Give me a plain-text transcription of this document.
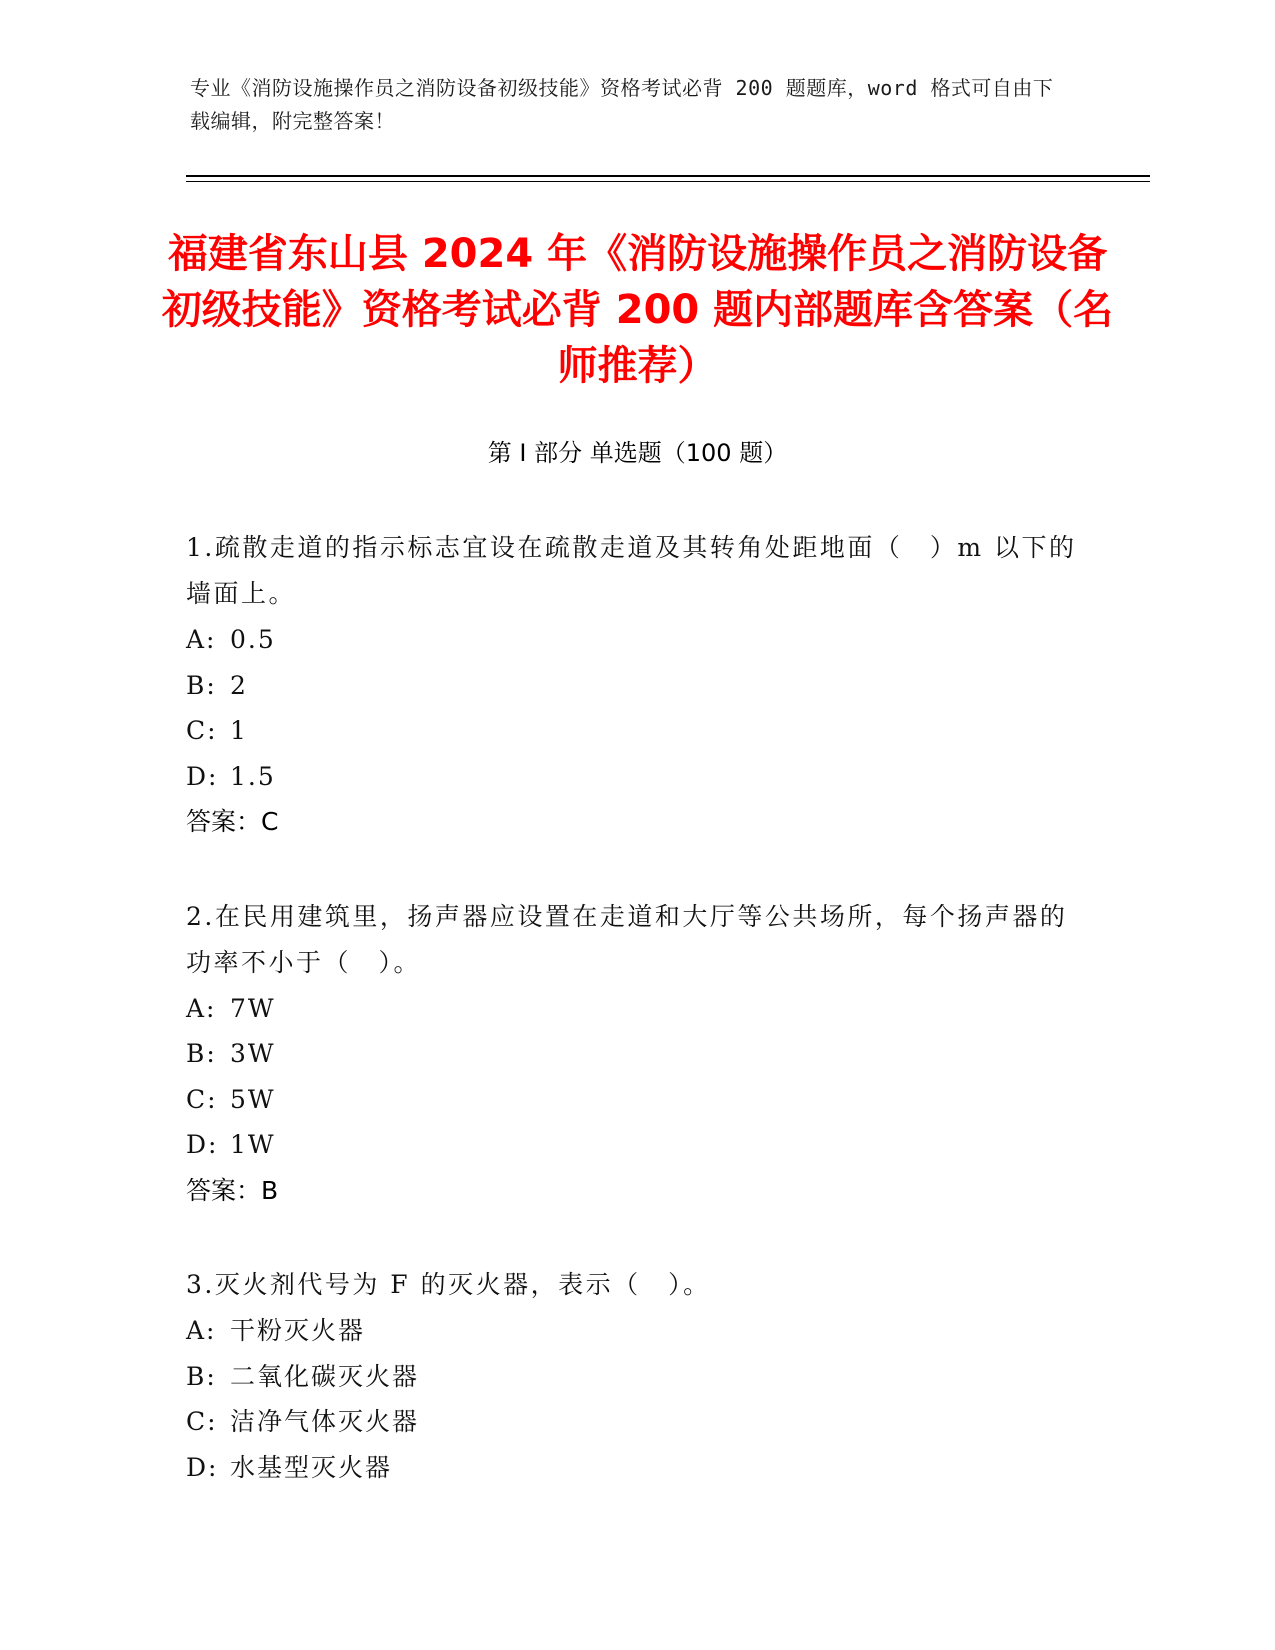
专业《消防设施操作员之消防设备初级技能》资格考试必背 200 题题库，word 格式可自由下载编辑，附完整答案！
福建省东山县 2024 年《消防设施操作员之消防设备初级技能》资格考试必背 200 题内部题库含答案（名师推荐）
第 I 部分 单选题（100 题）
1.疏散走道的指示标志宜设在疏散走道及其转角处距地面（　）m 以下的墙面上。
A: 0.5
B: 2
C: 1
D: 1.5
答案：C
2.在民用建筑里，扬声器应设置在走道和大厅等公共场所，每个扬声器的功率不小于（　）。
A: 7W
B: 3W
C: 5W
D: 1W
答案：B
3.灭火剂代号为 F 的灭火器，表示（　）。
A: 干粉灭火器
B: 二氧化碳灭火器
C: 洁净气体灭火器
D: 水基型灭火器
